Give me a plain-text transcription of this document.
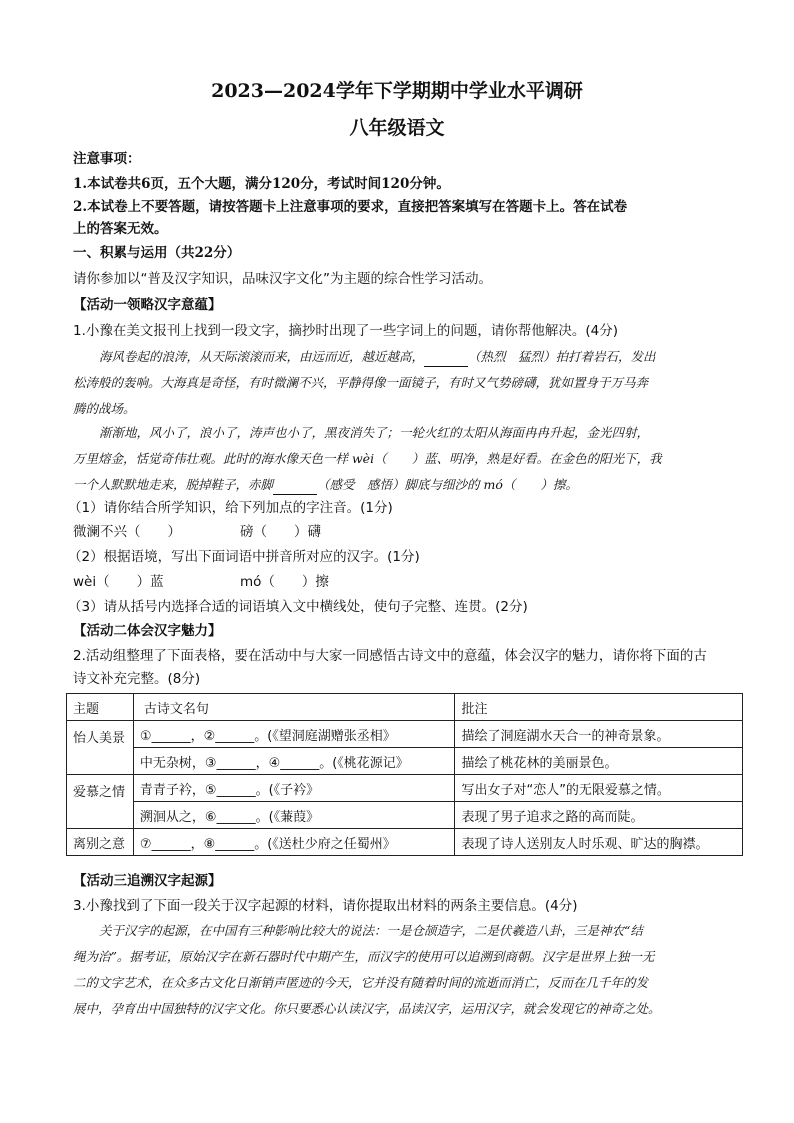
2023—2024学年下学期期中学业水平调研
八年级语文
注意事项：
1.本试卷共6页，五个大题，满分120分，考试时间120分钟。
2.本试卷上不要答题，请按答题卡上注意事项的要求，直接把答案填写在答题卡上。答在试卷
上的答案无效。
一、积累与运用（共22分）
请你参加以“普及汉字知识，品味汉字文化”为主题的综合性学习活动。
【活动一领略汉字意蕴】
1.小豫在美文报刊上找到一段文字，摘抄时出现了一些字词上的问题，请你帮他解决。(4分)
海风卷起的浪涛，从天际滚滚而来，由远而近，越近越高，	（热烈　猛烈）拍打着岩石，发出
松涛般的轰响。大海真是奇怪，有时微澜不兴，平静得像一面镜子，有时又气势磅礴，犹如置身于万马奔
腾的战场。
渐渐地，风小了，浪小了，涛声也小了，黑夜消失了；一轮火红的太阳从海面冉冉升起，金光四射，
万里熔金，恬觉奇伟壮观。此时的海水像天色一样 wèi（　　）蓝、明净，熟是好看。在金色的阳光下，我
一个人默默地走来，脱掉鞋子，赤脚	（感受　感悟）脚底与细沙的 mó（　　）擦。
（1）请你结合所学知识，给下列加点的字注音。(1分)
微澜不兴（　　）	磅（　　）礴
（2）根据语境，写出下面词语中拼音所对应的汉字。(1分)
wèi（　　）蓝	mó（　　）擦
（3）请从括号内选择合适的词语填入文中横线处，使句子完整、连贯。(2分)
【活动二体会汉字魅力】
2.活动组整理了下面表格，要在活动中与大家一同感悟古诗文中的意蕴，体会汉字的魅力，请你将下面的古
诗文补充完整。(8分)
主题	古诗文名句	批注
怡人美景	①______，②______。(《望洞庭湖赠张丞相》	描绘了洞庭湖水天合一的神奇景象。
	中无杂树，③______，④______。(《桃花源记》	描绘了桃花林的美丽景色。
爱慕之情	青青子衿，⑤______。(《子衿》	写出女子对“恋人”的无限爱慕之情。
	溯洄从之，⑥______。(《蒹葭》	表现了男子追求之路的高而陡。
离别之意	⑦______，⑧______。(《送杜少府之任蜀州》	表现了诗人送别友人时乐观、旷达的胸襟。
【活动三追溯汉字起源】
3.小豫找到了下面一段关于汉字起源的材料，请你提取出材料的两条主要信息。(4分)
关于汉字的起源，在中国有三种影响比较大的说法：一是仓颉造字，二是伏羲造八卦，三是神农“结
绳为治”。据考证，原始汉字在新石器时代中期产生，而汉字的使用可以追溯到商朝。汉字是世界上独一无
二的文字艺术，在众多古文化日渐销声匿迹的今天，它并没有随着时间的流逝而消亡，反而在几千年的发
展中，孕育出中国独特的汉字文化。你只要悉心认读汉字，品读汉字，运用汉字，就会发现它的神奇之处。
